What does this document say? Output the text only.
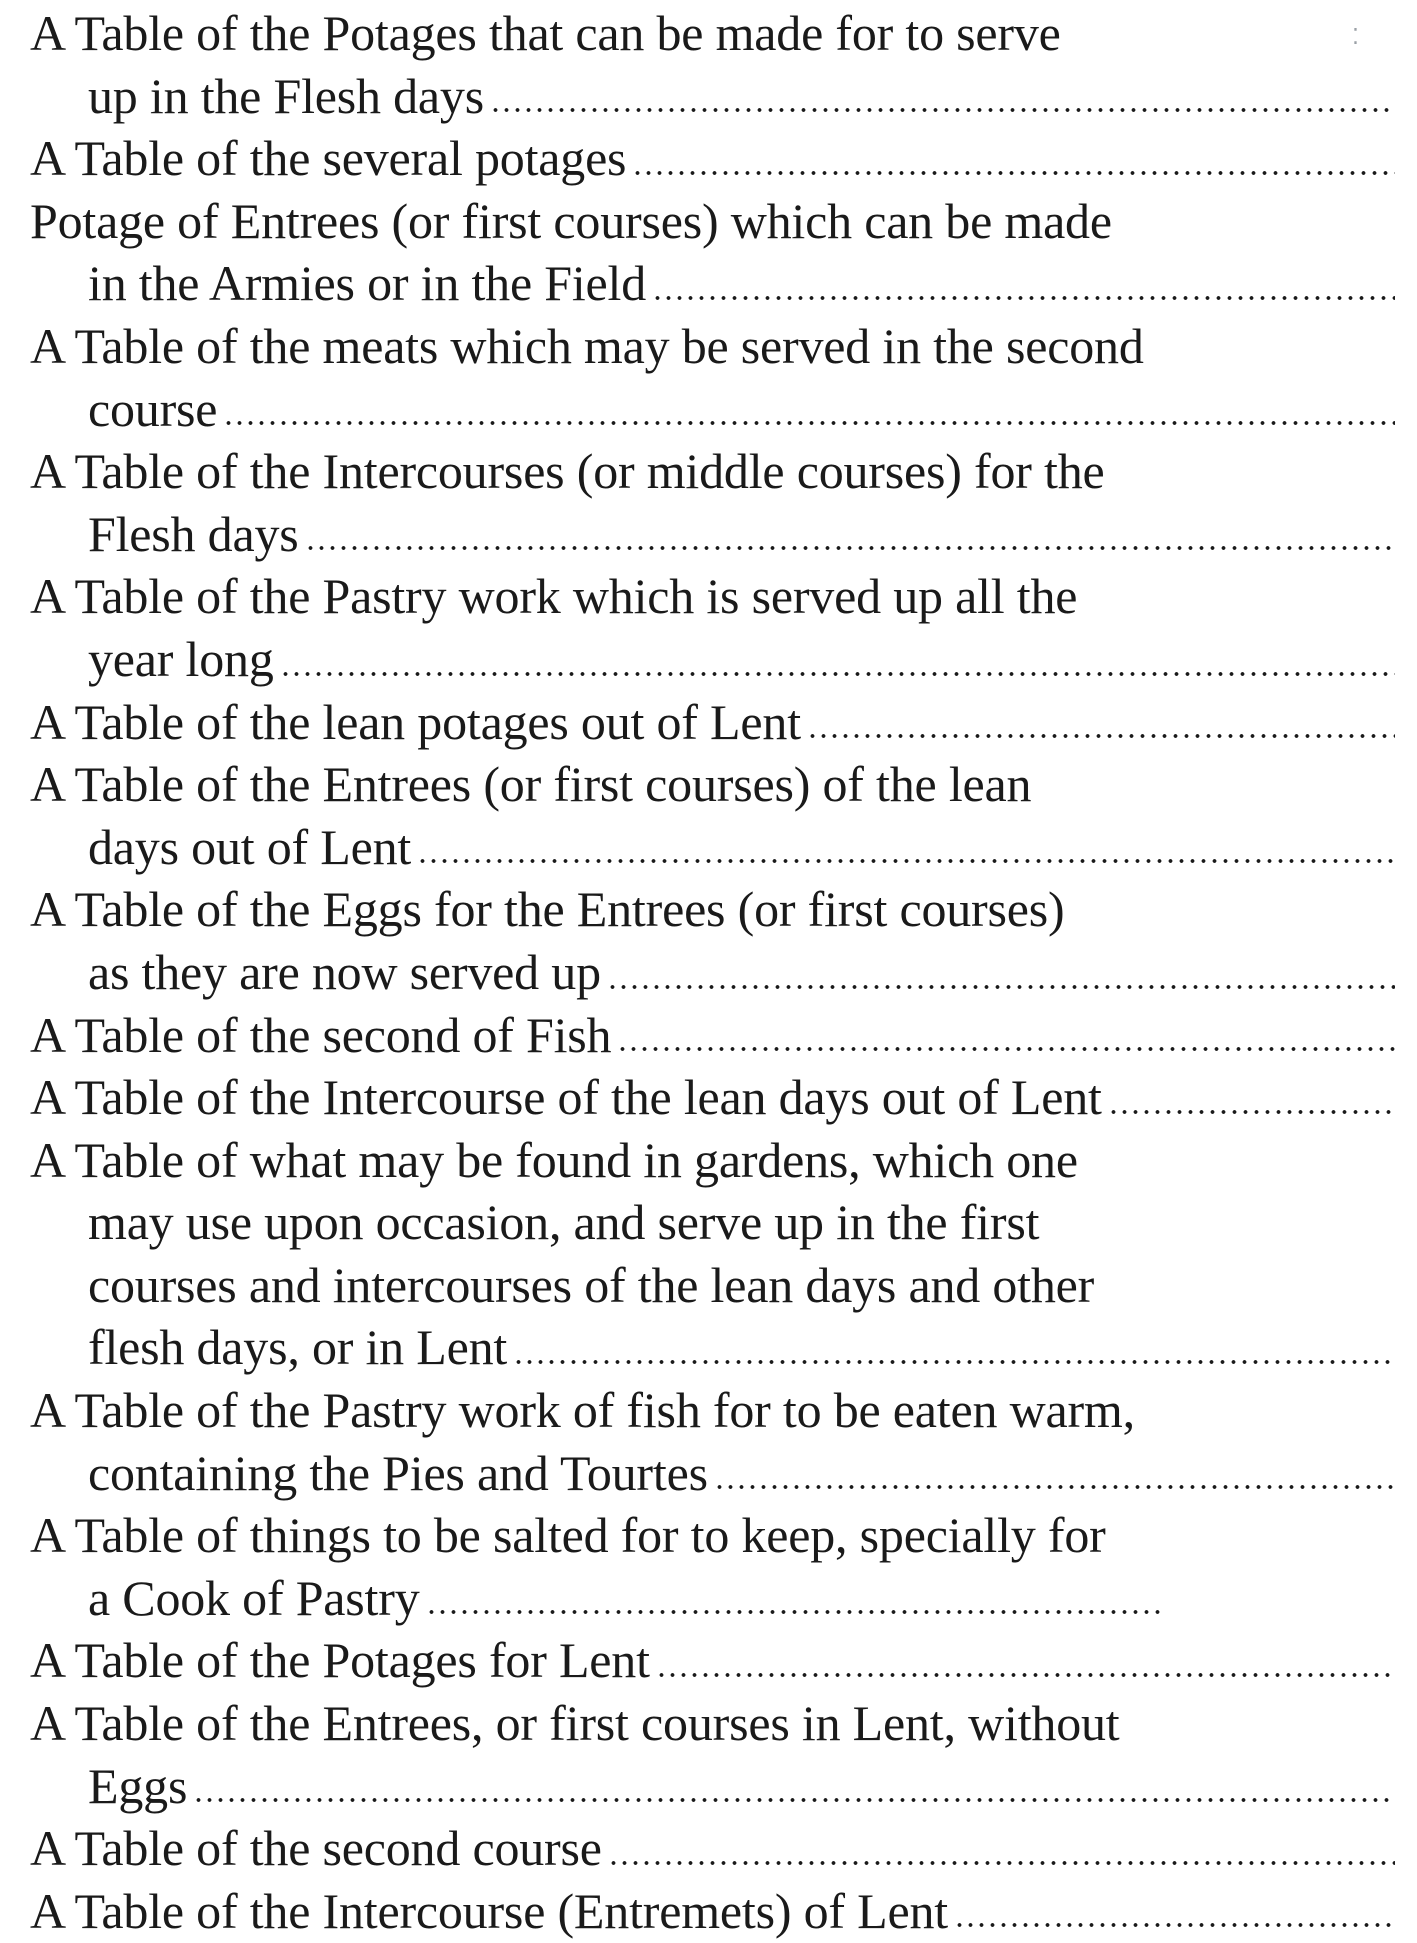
A Table of the Potages that can be made for to serve
up in the Flesh days
A Table of the several potages
Potage of Entrees (or first courses) which can be made
in the Armies or in the Field
A Table of the meats which may be served in the second
course
A Table of the Intercourses (or middle courses) for the
Flesh days
A Table of the Pastry work which is served up all the
year long
A Table of the lean potages out of Lent
A Table of the Entrees (or first courses) of the lean
days out of Lent
A Table of the Eggs for the Entrees (or first courses)
as they are now served up
A Table of the second of Fish
A Table of the Intercourse of the lean days out of Lent
A Table of what may be found in gardens, which one
may use upon occasion, and serve up in the first
courses and intercourses of the lean days and other
flesh days, or in Lent
A Table of the Pastry work of fish for to be eaten warm,
containing the Pies and Tourtes
A Table of things to be salted for to keep, specially for
a Cook of Pastry
A Table of the Potages for Lent
A Table of the Entrees, or first courses in Lent, without
Eggs
A Table of the second course
A Table of the Intercourse (Entremets) of Lent
⁚
